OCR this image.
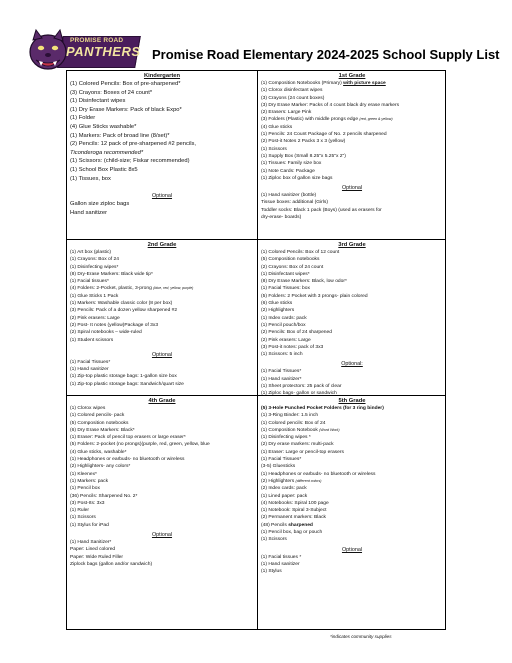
PROMISE ROAD
PANTHERS Promise Road Elementary 2024-2025 School Supply List
Kindergarten
(1) Colored Pencils: Box of pre-sharpened*
(3) Crayons: Boxes of 24 count*
(1) Disinfectant wipes
(1) Dry Erase Markers: Pack of black Expo*
(1) Folder
(4) Glue Sticks washable*
(1) Markers: Pack of broad line (8/set)*
(2) Pencils: 12 pack of pre-sharpened #2 pencils,
Ticonderoga recommended*
(1) Scissors: (child-size; Fiskar recommended)
(1) School Box Plastic 8x5
(1) Tissues, box
Optional
Gallon size ziploc bags
Hand sanitizer
1st Grade
(1) Composition Notebooks (Primary) with picture space
(1) Clorox disinfectant wipes
(3) Crayons (24 count boxes)
(3) Dry Erase Marker: Packs of 4 count black dry erase markers
(2) Erasers: Large Pink
(3) Folders (Plastic) with middle prongs edge (red, green & yellow)
(4) Glue sticks
(1) Pencils: 24 Count Package of No. 2 pencils sharpened
(2) Post-it Notes 2 Packs 3 x 3 (yellow)
(1) Scissors
(1) Supply Box (Small 8.25"x 5.25"x 2")
(1) Tissues: Family size box
(1) Note Cards: Package
(1) Ziploc box of gallon size bags
Optional
(1) Hand sanitizer (bottle)
Tissue boxes: additional (Girls)
Toddler socks: Black 1 pack (Boys) (used as erasers for
dry-erase- boards)
2nd Grade
(1) Art box (plastic)
(1) Crayons: Box of 24
(1) Disinfecting wipes*
(8) Dry-Erase Markers: Black wide tip*
(1) Facial tissues*
(4) Folders: 2-Pocket, plastic, 3-prong (blue, red, yellow, purple)
(1) Glue Sticks 1 Pack
(1) Markers: Washable classic color (8 per box)
(3) Pencils: Pack of a dozen yellow sharpened #2
(2) Pink erasers: Large
(2) Post- It notes (yellow)Package of 3x3
(2) Spiral notebooks – wide-ruled
(1) Student scissors
Optional
(1) Facial Tissues*
(1) Hand sanitizer
(1) Zip-top plastic storage bags: 1-gallon size box
(1) Zip-top plastic storage bags: Sandwich/quart size
3rd Grade
(1) Colored Pencils: Box of 12 count
(5) Composition notebooks
(2) Crayons: Box of 24 count
(1) Disinfectant wipes*
(8) Dry Erase Markers: Black, low odor*
(1) Facial Tissues: box
(5) Folders: 2 Pocket with 3 prongs- plain colored
(6) Glue sticks
(2) Highlighters
(1) Index cards: pack
(1) Pencil pouch/box
(2) Pencils: Box of 24 sharpened
(2) Pink erasers: Large
(3) Post-it notes: pack of 3x3
(1) Scissors: 5 inch
Optional:
(1) Facial Tissues*
(1) Hand sanitizer*
(1) Sheet protectors: 25 pack of clear
(1) Ziploc bags- gallon or sandwich
4th Grade
(1) Clorox wipes
(1) Colored pencils- pack
(5) Composition notebooks
(6) Dry Erase Markers: Black*
(1) Eraser: Pack of pencil top erasers or large eraser*
(5) Folders: 2-pocket (no prongs)(purple, red, green, yellow, blue
(4) Glue sticks, washable*
(1) Headphones or earbuds- no bluetooth or wireless
(2) Highlighters- any colors*
(1) Kleenex*
(1) Markers: pack
(1) Pencil box
(36) Pencils: Sharpened No. 2*
(3) Post-Its: 3x3
(1) Ruler
(1) Scissors
(1) Stylus for iPad
Optional
(1) Hand Sanitizer*
Paper: Lined colored
Paper: Wide Ruled Filler
Ziplock bags (gallon and/or sandwich)
5th Grade
(5) 3-Hole Punched Pocket Folders (for 3 ring binder)
(1) 3-Ring Binder: 1.5 inch
(1) Colored pencils: Box of 24
(1) Composition Notebook (Word Work)
(1) Disinfecting wipes *
(2) Dry erase markers: multi-pack
(1) Eraser: Large or pencil-top erasers
(1) Facial Tissues*
(3-5) Gluesticks
(1) Headphones or earbuds- no bluetooth or wireless
(2) Highlighters (different colors)
(2) Index cards: pack
(1) Lined paper: pack
(4) Notebooks: Spiral 100 page
(1) Notebook: Spiral 3-Subject
(2) Permanent markers: Black
(48) Pencils sharpened
(1) Pencil box, bag or pouch
(1) Scissors
Optional
(1) Facial tissues *
(1) Hand sanitizer
(1) Stylus
*indicates community supplies
